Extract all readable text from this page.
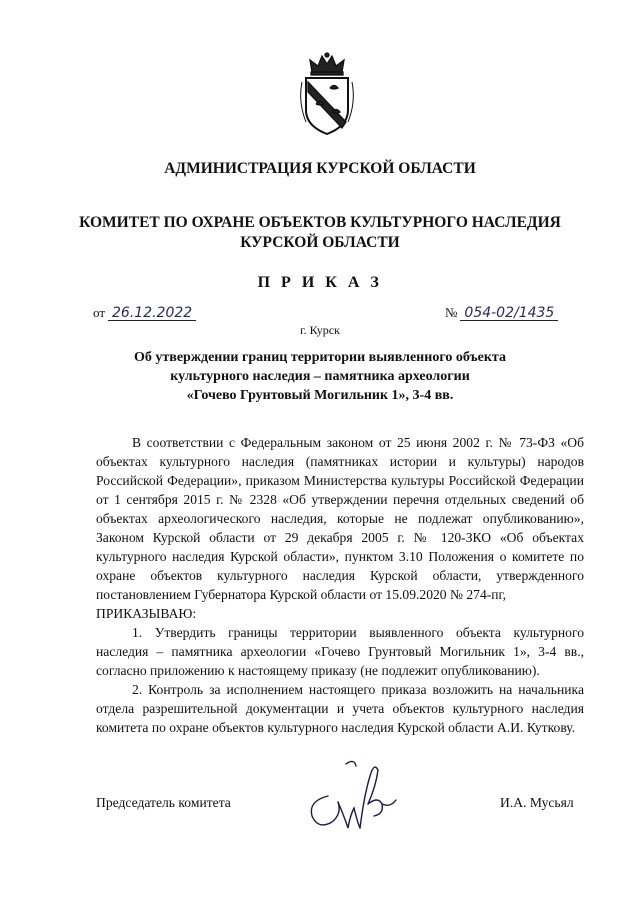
АДМИНИСТРАЦИЯ КУРСКОЙ ОБЛАСТИ
КОМИТЕТ ПО ОХРАНЕ ОБЪЕКТОВ КУЛЬТУРНОГО НАСЛЕДИЯ
КУРСКОЙ ОБЛАСТИ
П Р И К А З
от 26.12.2022	№ 054-02/1435
г. Курск
Об утверждении границ территории выявленного объекта
культурного наследия – памятника археологии
«Гочево Грунтовый Могильник 1», 3-4 вв.

В соответствии с Федеральным законом от 25 июня 2002 г. № 73-ФЗ «Об объектах культурного наследия (памятниках истории и культуры) народов Российской Федерации», приказом Министерства культуры Российской Федерации от 1 сентября 2015 г. № 2328 «Об утверждении перечня отдельных сведений об объектах археологического наследия, которые не подлежат опубликованию», Законом Курской области от 29 декабря 2005 г. № 120-ЗКО «Об объектах культурного наследия Курской области», пунктом 3.10 Положения о комитете по охране объектов культурного наследия Курской области, утвержденного постановлением Губернатора Курской области от 15.09.2020 № 274-пг,

ПРИКАЗЫВАЮ:

1. Утвердить границы территории выявленного объекта культурного наследия – памятника археологии «Гочево Грунтовый Могильник 1», 3-4 вв., согласно приложению к настоящему приказу (не подлежит опубликованию).

2. Контроль за исполнением настоящего приказа возложить на начальника отдела разрешительной документации и учета объектов культурного наследия комитета по охране объектов культурного наследия Курской области А.И. Куткову.

Председатель комитета	И.А. Мусьял
